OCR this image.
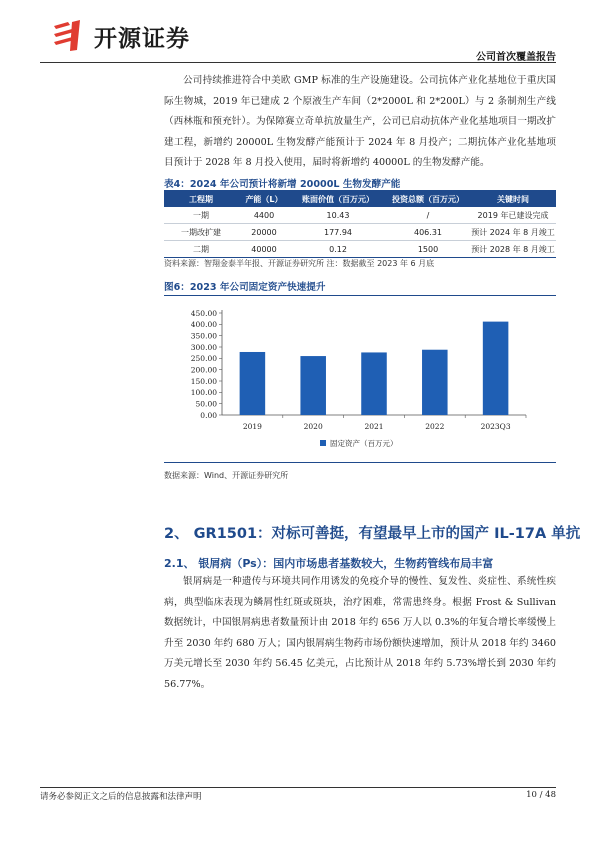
开源证券
公司首次覆盖报告

公司持续推进符合中美欧 GMP 标准的生产设施建设。公司抗体产业化基地位于重庆国际生物城，2019 年已建成 2 个原液生产车间（2*2000L 和 2*200L）与 2 条制剂生产线（西林瓶和预充针）。为保障赛立奇单抗放量生产，公司已启动抗体产业化基地项目一期改扩建工程，新增约 20000L 生物发酵产能预计于 2024 年 8 月投产；二期抗体产业化基地项目预计于 2028 年 8 月投入使用，届时将新增约 40000L 的生物发酵产能。

表4：2024 年公司预计将新增 20000L 生物发酵产能
工程期	产能（L）	账面价值（百万元）	投资总额（百万元）	关键时间
一期	4400	10.43	/	2019 年已建设完成
一期改扩建	20000	177.94	406.31	预计 2024 年 8 月竣工
二期	40000	0.12	1500	预计 2028 年 8 月竣工
资料来源：智翔金泰半年报、开源证券研究所 注：数据截至 2023 年 6 月底
图6：2023 年公司固定资产快速提升
0.00
50.00
100.00
150.00
200.00
250.00
300.00
350.00
400.00
450.00
2019	2020	2021	2022	2023Q3
固定资产（百万元）
数据来源：Wind、开源证券研究所
2、 GR1501：对标可善挺，有望最早上市的国产 IL-17A 单抗
2.1、 银屑病（Ps）：国内市场患者基数较大，生物药管线布局丰富

银屑病是一种遗传与环境共同作用诱发的免疫介导的慢性、复发性、炎症性、系统性疾病，典型临床表现为鳞屑性红斑或斑块，治疗困难，常需患终身。根据 Frost & Sullivan 数据统计，中国银屑病患者数量预计由 2018 年约 656 万人以 0.3%的年复合增长率缓慢上升至 2030 年约 680 万人；国内银屑病生物药市场份额快速增加，预计从 2018 年约 3460 万美元增长至 2030 年约 56.45 亿美元，占比预计从 2018 年约 5.73%增长到 2030 年约 56.77%。

请务必参阅正文之后的信息披露和法律声明	10 / 48
